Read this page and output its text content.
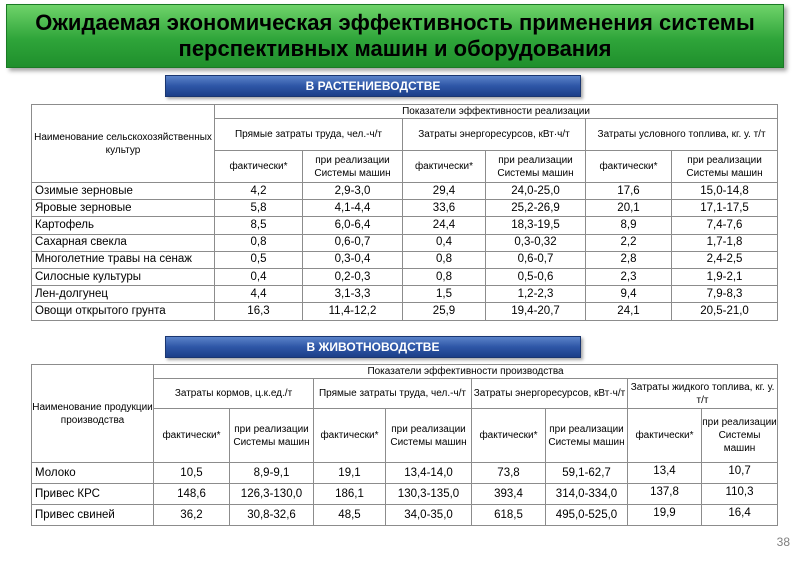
Ожидаемая экономическая эффективность применения системы
перспективных машин и оборудования
В РАСТЕНИЕВОДСТВЕ
Наименование сельскохозяйственных культур	Показатели эффективности реализации					
	Прямые затраты труда, чел.-ч/т		Затраты энергоресурсов, кВт·ч/т		Затраты условного топлива, кг. у. т/т	
	фактически*	при реализации Системы машин	фактически*	при реализации Системы машин	фактически*	при реализации Системы машин
Озимые зерновые	4,2	2,9-3,0	29,4	24,0-25,0	17,6	15,0-14,8
Яровые зерновые	5,8	4,1-4,4	33,6	25,2-26,9	20,1	17,1-17,5
Картофель	8,5	6,0-6,4	24,4	18,3-19,5	8,9	7,4-7,6
Сахарная свекла	0,8	0,6-0,7	0,4	0,3-0,32	2,2	1,7-1,8
Многолетние травы на сенаж	0,5	0,3-0,4	0,8	0,6-0,7	2,8	2,4-2,5
Силосные культуры	0,4	0,2-0,3	0,8	0,5-0,6	2,3	1,9-2,1
Лен-долгунец	4,4	3,1-3,3	1,5	1,2-2,3	9,4	7,9-8,3
Овощи открытого грунта	16,3	11,4-12,2	25,9	19,4-20,7	24,1	20,5-21,0
В ЖИВОТНОВОДСТВЕ
Наименование продукции производства	Показатели эффективности производства							
	Затраты кормов, ц.к.ед./т		Прямые затраты труда, чел.-ч/т		Затраты энергоресурсов, кВт·ч/т		Затраты жидкого топлива, кг. у. т/т	
	фактически*	при реализации Системы машин	фактически*	при реализации Системы машин	фактически*	при реализации Системы машин	фактически*	при реализации Системы машин
Молоко	10,5	8,9-9,1	19,1	13,4-14,0	73,8	59,1-62,7	13,4	10,7
Привес КРС	148,6	126,3-130,0	186,1	130,3-135,0	393,4	314,0-334,0	137,8	110,3
Привес свиней	36,2	30,8-32,6	48,5	34,0-35,0	618,5	495,0-525,0	19,9	16,4
38
